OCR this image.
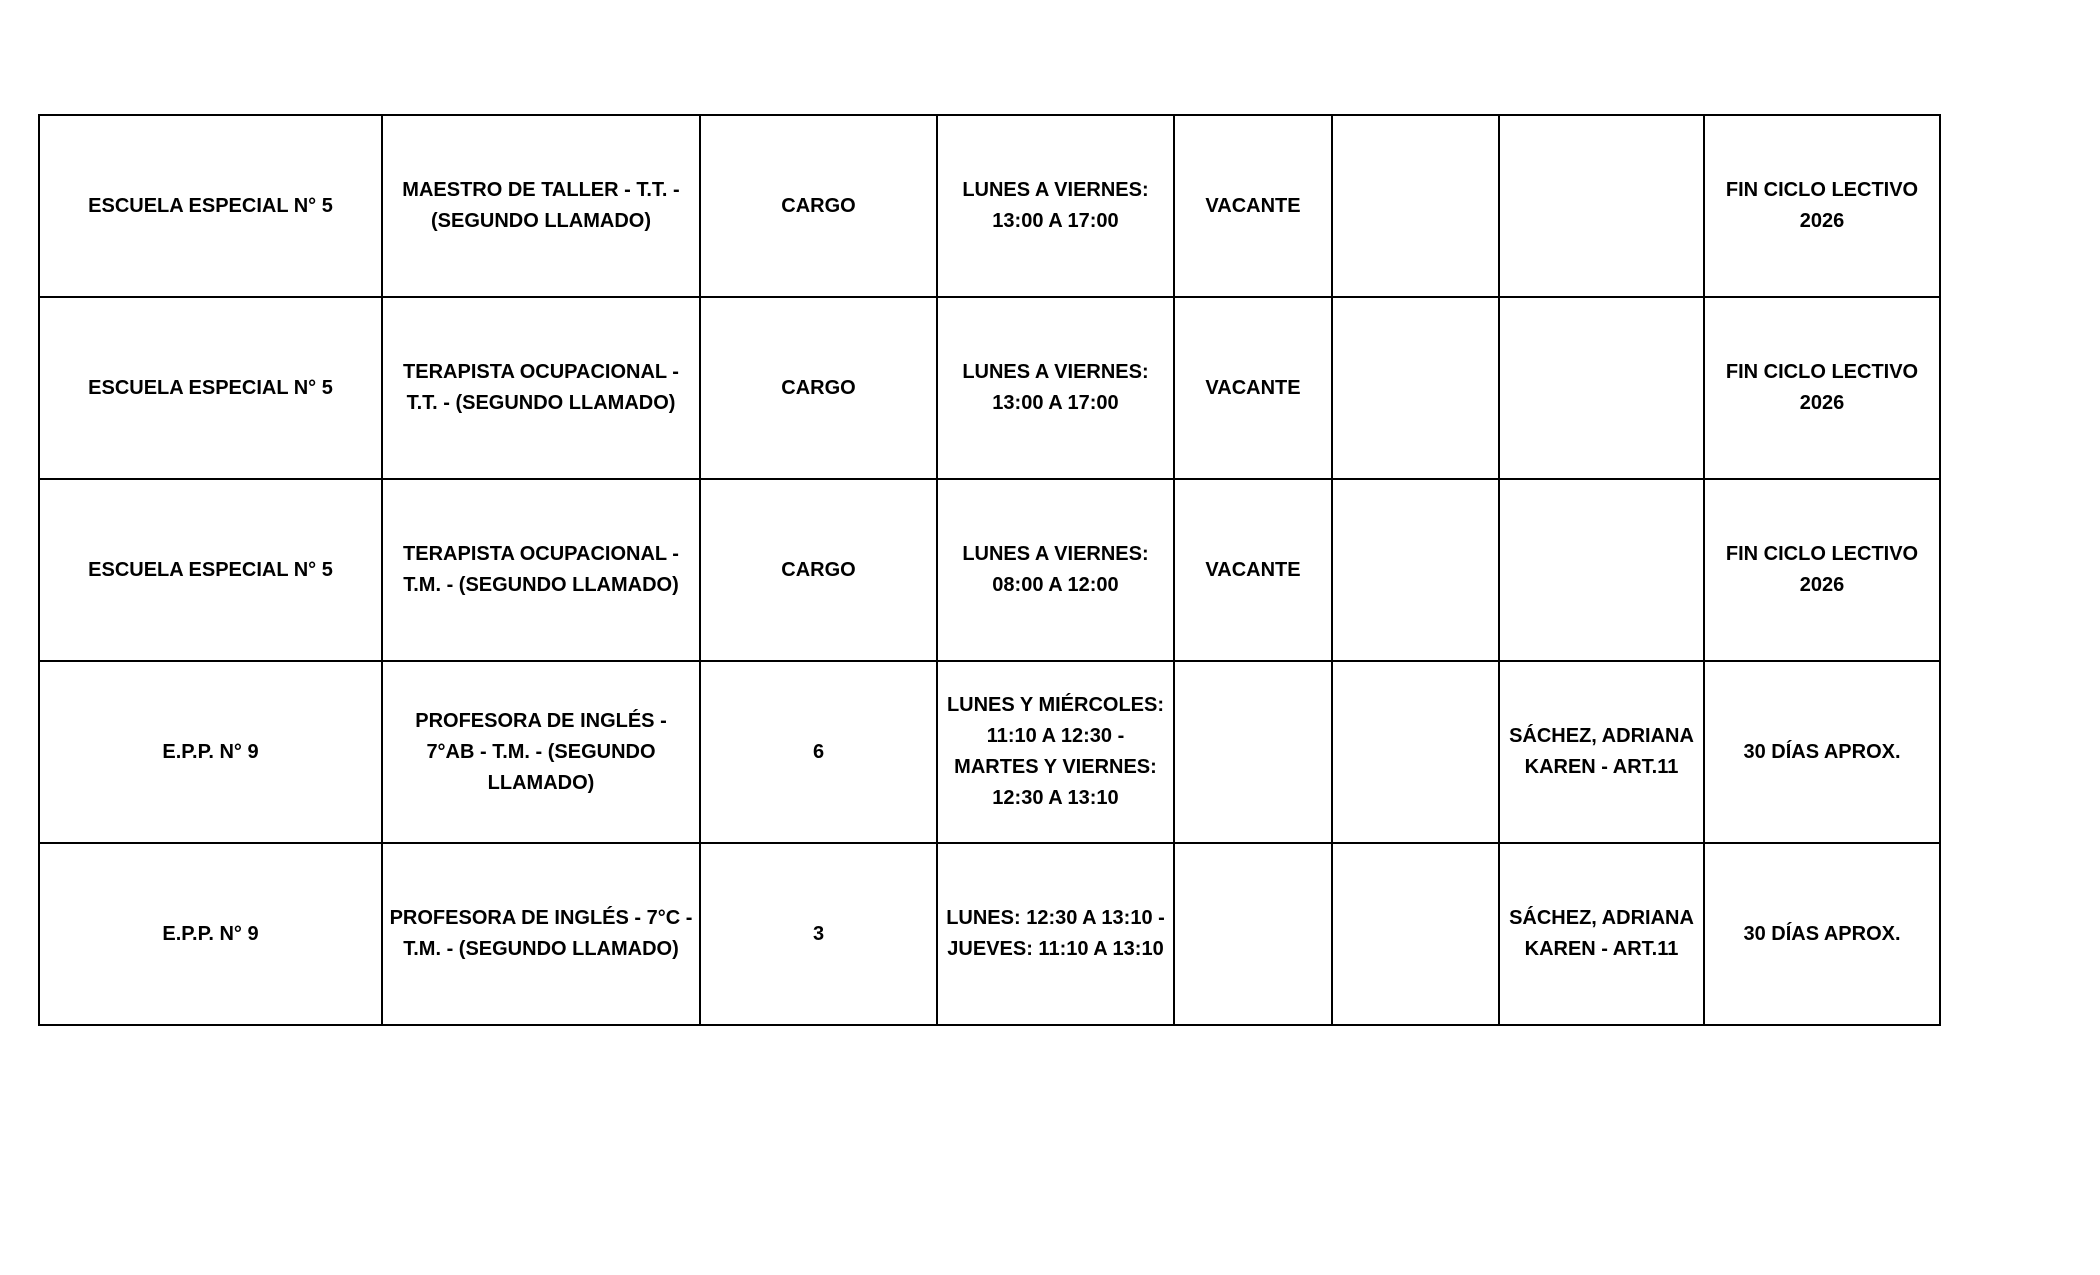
ESCUELA ESPECIAL N° 5	MAESTRO DE TALLER - T.T. - (SEGUNDO LLAMADO)	CARGO	LUNES A VIERNES: 13:00 A 17:00	VACANTE			FIN CICLO LECTIVO 2026
ESCUELA ESPECIAL N° 5	TERAPISTA OCUPACIONAL - T.T. - (SEGUNDO LLAMADO)	CARGO	LUNES A VIERNES: 13:00 A 17:00	VACANTE			FIN CICLO LECTIVO 2026
ESCUELA ESPECIAL N° 5	TERAPISTA OCUPACIONAL - T.M. - (SEGUNDO LLAMADO)	CARGO	LUNES A VIERNES: 08:00 A 12:00	VACANTE			FIN CICLO LECTIVO 2026
E.P.P. N° 9	PROFESORA DE INGLÉS - 7°AB - T.M. - (SEGUNDO LLAMADO)	6	LUNES Y MIÉRCOLES: 11:10 A 12:30 - MARTES Y VIERNES: 12:30 A 13:10			SÁCHEZ, ADRIANA KAREN - ART.11	30 DÍAS APROX.
E.P.P. N° 9	PROFESORA DE INGLÉS - 7°C - T.M. - (SEGUNDO LLAMADO)	3	LUNES: 12:30 A 13:10 - JUEVES: 11:10 A 13:10			SÁCHEZ, ADRIANA KAREN - ART.11	30 DÍAS APROX.
